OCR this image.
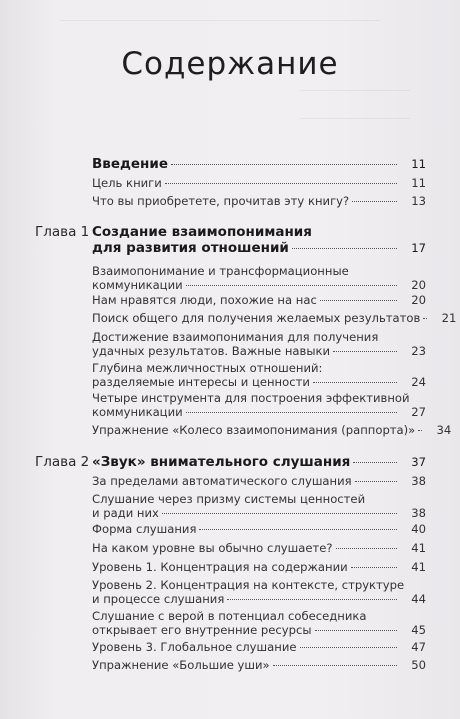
Содержание
Введение	11
Цель книги	11
Что вы приобретете, прочитав эту книгу?	13
Глава 1 Создание взаимопонимания
для развития отношений	17
Взаимопонимание и трансформационные
коммуникации	20
Нам нравятся люди, похожие на нас	20
Поиск общего для получения желаемых результатов	21
Достижение взаимопонимания для получения
удачных результатов. Важные навыки	23
Глубина межличностных отношений:
разделяемые интересы и ценности	24
Четыре инструмента для построения эффективной
коммуникации	27
Упражнение «Колесо взаимопонимания (раппорта)»	34
Глава 2 «Звук» внимательного слушания	37
За пределами автоматического слушания	38
Слушание через призму системы ценностей
и ради них	38
Форма слушания	40
На каком уровне вы обычно слушаете?	41
Уровень 1. Концентрация на содержании	41
Уровень 2. Концентрация на контексте, структуре
и процессе слушания	44
Слушание с верой в потенциал собеседника
открывает его внутренние ресурсы	45
Уровень 3. Глобальное слушание	47
Упражнение «Большие уши»	50
